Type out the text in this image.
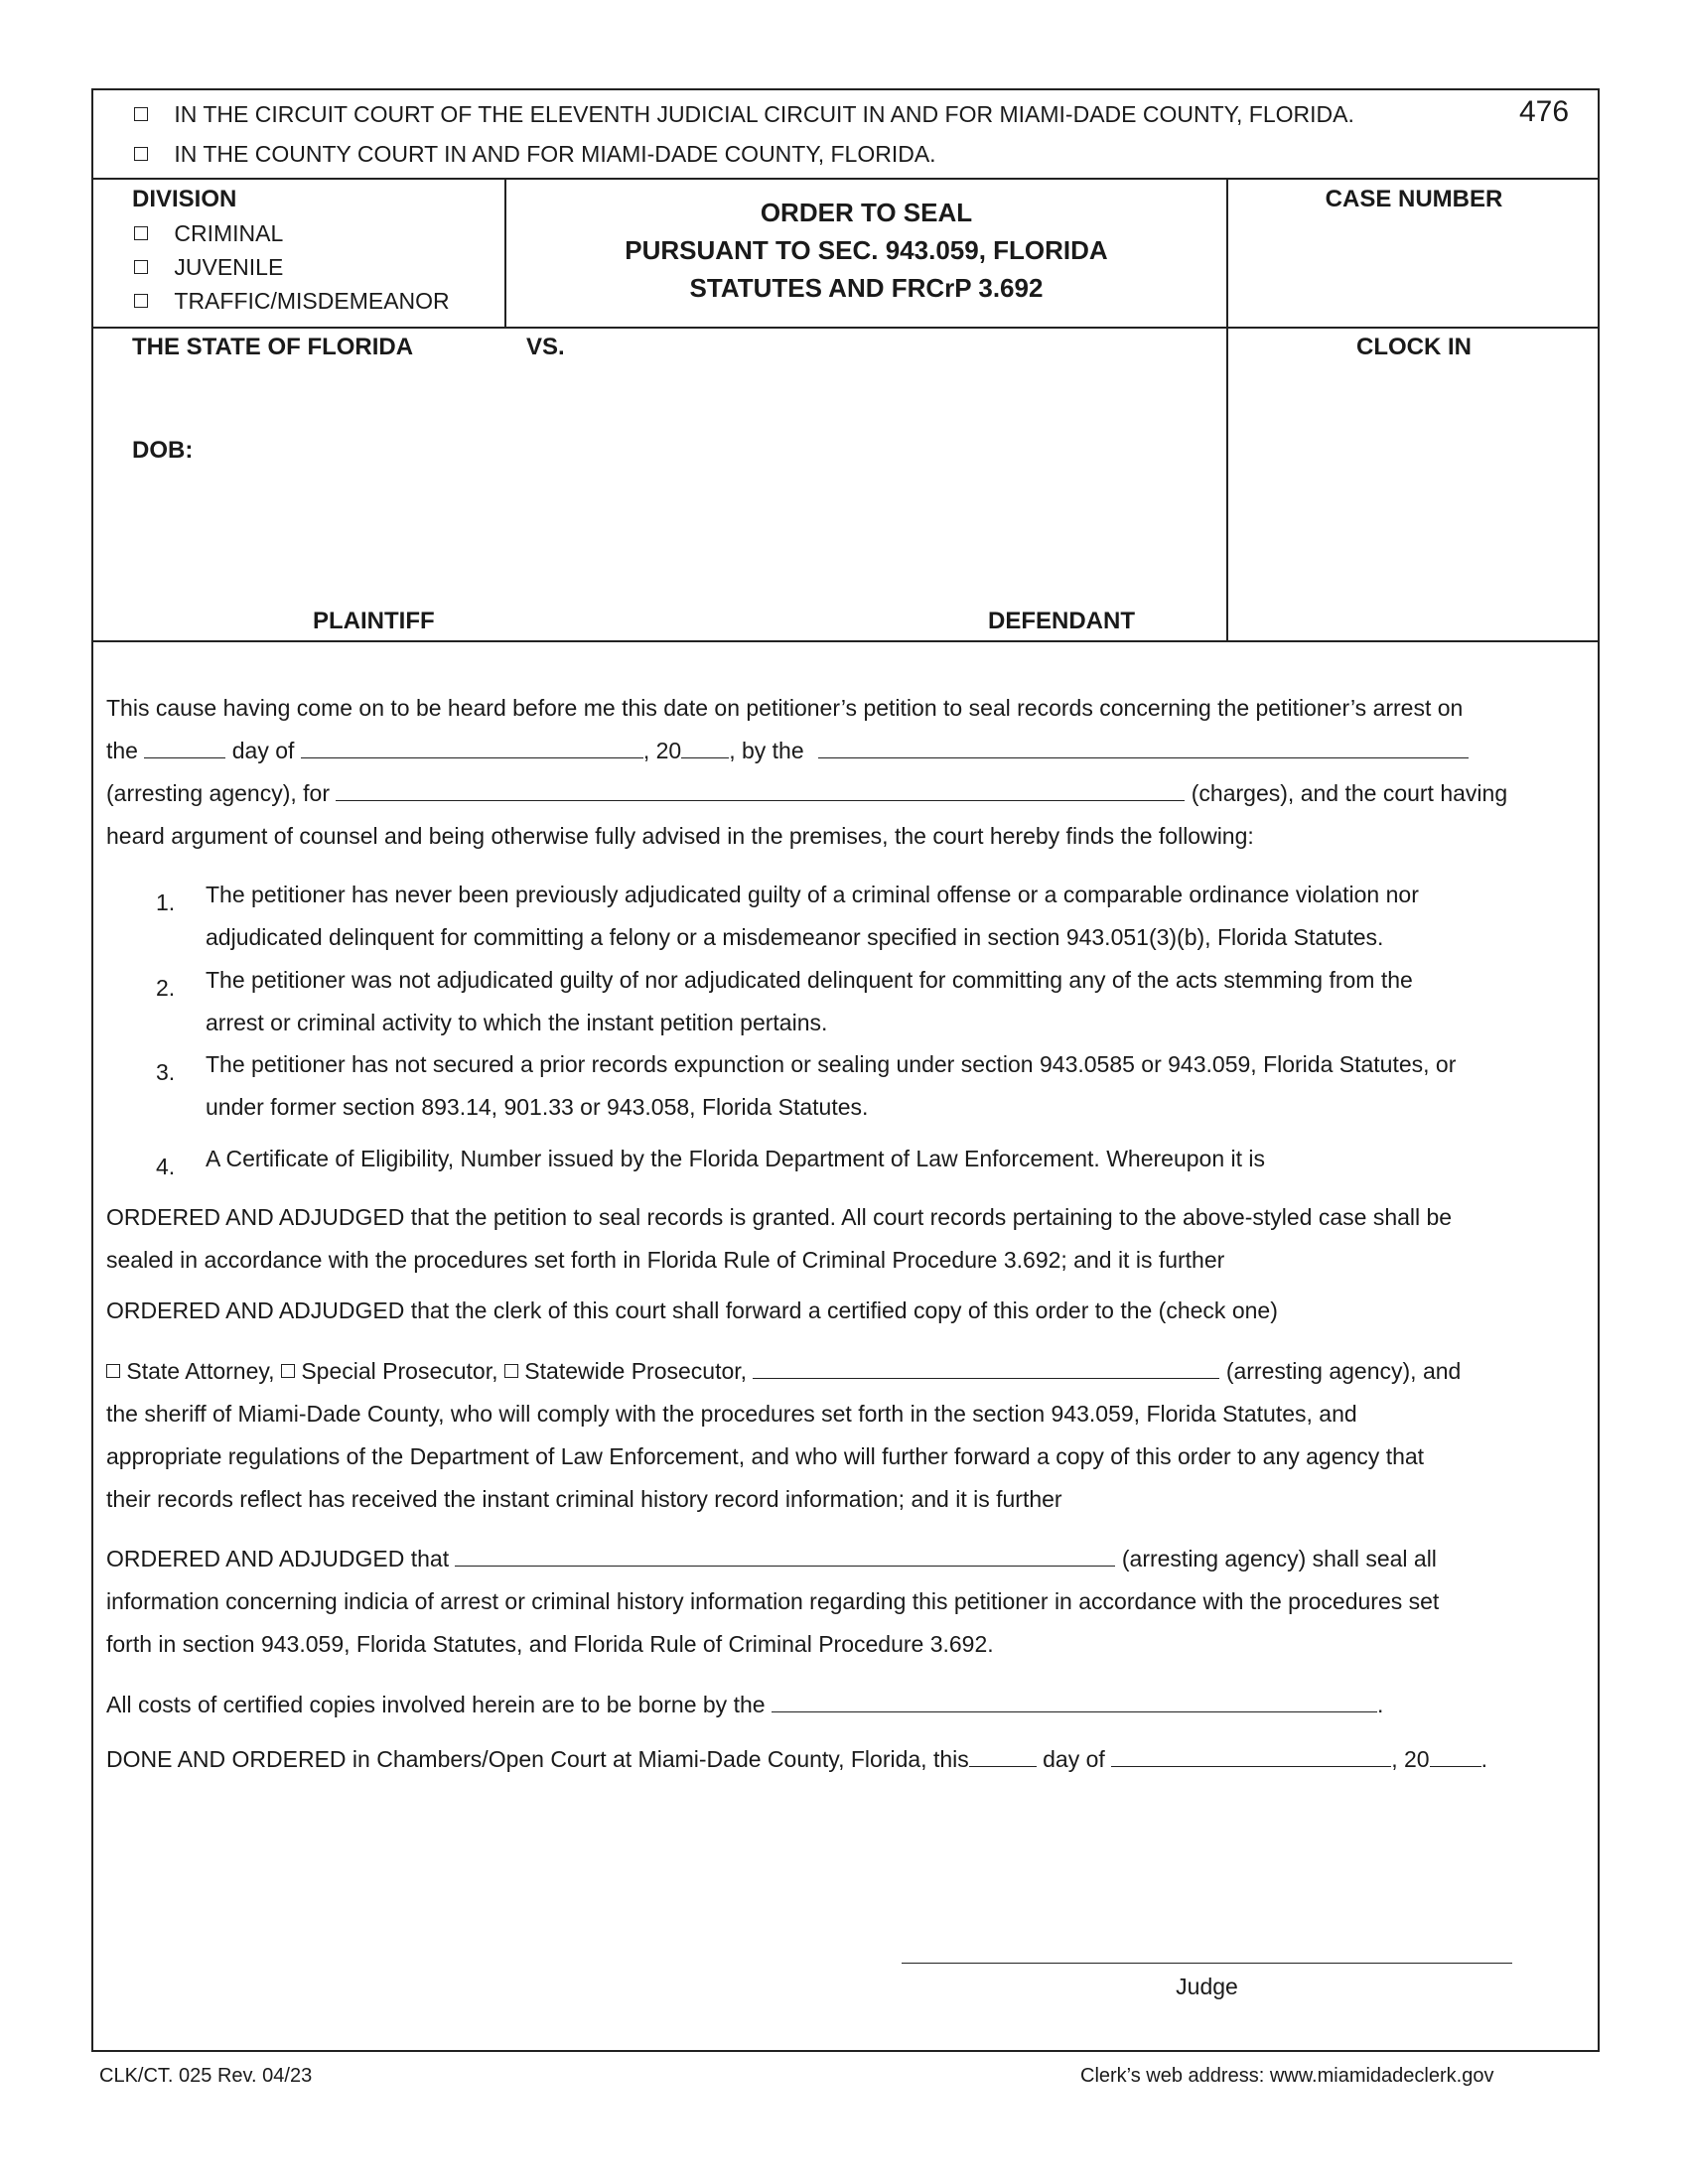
IN THE CIRCUIT COURT OF THE ELEVENTH JUDICIAL CIRCUIT IN AND FOR MIAMI-DADE COUNTY, FLORIDA.
IN THE COUNTY COURT IN AND FOR MIAMI-DADE COUNTY, FLORIDA.
476
DIVISION
CRIMINAL
JUVENILE
TRAFFIC/MISDEMEANOR
ORDER TO SEAL
PURSUANT TO SEC. 943.059, FLORIDA
STATUTES AND FRCrP 3.692
CASE NUMBER
THE STATE OF FLORIDA	VS.
DOB:
PLAINTIFF	DEFENDANT
CLOCK IN
This cause having come on to be heard before me this date on petitioner’s petition to seal records concerning the petitioner’s arrest on
the	day of	, 20 , by the
(arresting agency), for	(charges), and the court having
heard argument of counsel and being otherwise fully advised in the premises, the court hereby finds the following:
1. The petitioner has never been previously adjudicated guilty of a criminal offense or a comparable ordinance violation nor
adjudicated delinquent for committing a felony or a misdemeanor specified in section 943.051(3)(b), Florida Statutes.
2. The petitioner was not adjudicated guilty of nor adjudicated delinquent for committing any of the acts stemming from the
arrest or criminal activity to which the instant petition pertains.
3. The petitioner has not secured a prior records expunction or sealing under section 943.0585 or 943.059, Florida Statutes, or
under former section 893.14, 901.33 or 943.058, Florida Statutes.
4. A Certificate of Eligibility, Number issued by the Florida Department of Law Enforcement. Whereupon it is
ORDERED AND ADJUDGED that the petition to seal records is granted. All court records pertaining to the above-styled case shall be
sealed in accordance with the procedures set forth in Florida Rule of Criminal Procedure 3.692; and it is further
ORDERED AND ADJUDGED that the clerk of this court shall forward a certified copy of this order to the (check one)
State Attorney, Special Prosecutor, Statewide Prosecutor,	(arresting agency), and
the sheriff of Miami-Dade County, who will comply with the procedures set forth in the section 943.059, Florida Statutes, and
appropriate regulations of the Department of Law Enforcement, and who will further forward a copy of this order to any agency that
their records reflect has received the instant criminal history record information; and it is further
ORDERED AND ADJUDGED that	(arresting agency) shall seal all
information concerning indicia of arrest or criminal history information regarding this petitioner in accordance with the procedures set
forth in section 943.059, Florida Statutes, and Florida Rule of Criminal Procedure 3.692.
All costs of certified copies involved herein are to be borne by the	.
DONE AND ORDERED in Chambers/Open Court at Miami-Dade County, Florida, this	day of	, 20 .
Judge
CLK/CT. 025 Rev. 04/23	Clerk’s web address: www.miamidadeclerk.gov
